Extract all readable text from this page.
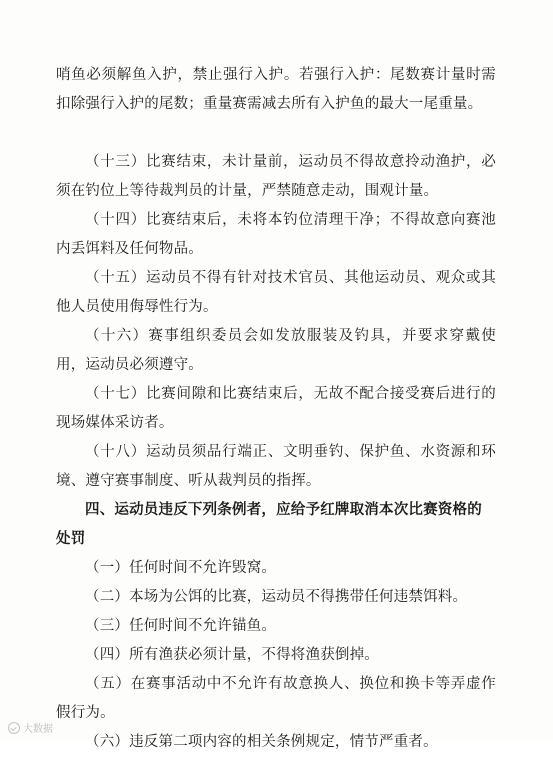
哨鱼必须解鱼入护，禁止强行入护。若强行入护：尾数赛计量时需扣除强行入护的尾数；重量赛需减去所有入护鱼的最大一尾重量。

（十三）比赛结束，未计量前，运动员不得故意拎动渔护，必须在钓位上等待裁判员的计量，严禁随意走动，围观计量。

（十四）比赛结束后，未将本钓位清理干净；不得故意向赛池内丢饵料及任何物品。

（十五）运动员不得有针对技术官员、其他运动员、观众或其他人员使用侮辱性行为。

（十六）赛事组织委员会如发放服装及钓具，并要求穿戴使用，运动员必须遵守。

（十七）比赛间隙和比赛结束后，无故不配合接受赛后进行的现场媒体采访者。

（十八）运动员须品行端正、文明垂钓、保护鱼、水资源和环境、遵守赛事制度、听从裁判员的指挥。

四、运动员违反下列条例者，应给予红牌取消本次比赛资格的处罚

（一）任何时间不允许毁窝。

（二）本场为公饵的比赛，运动员不得携带任何违禁饵料。

（三）任何时间不允许锚鱼。

（四）所有渔获必须计量，不得将渔获倒掉。

（五）在赛事活动中不允许有故意换人、换位和换卡等弄虚作假行为。

（六）违反第二项内容的相关条例规定，情节严重者。

大数据
